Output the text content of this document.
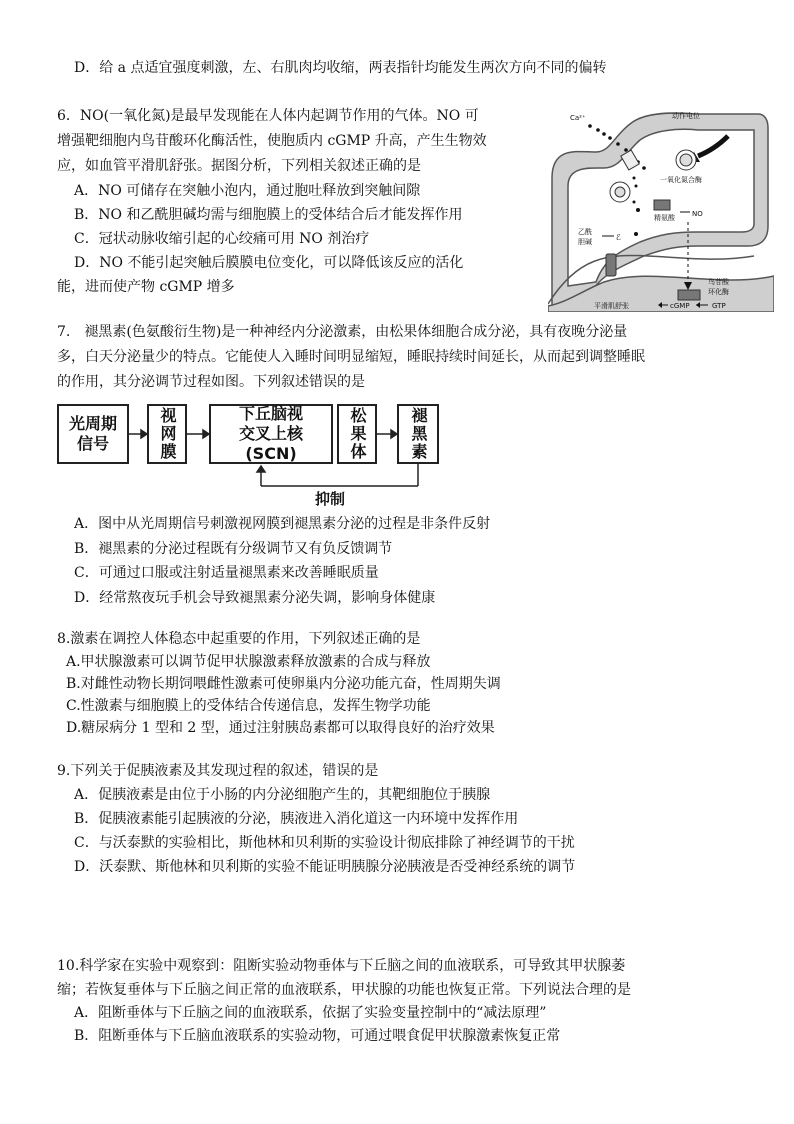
D．给 a 点适宜强度刺激，左、右肌肉均收缩，两表指针均能发生两次方向不同的偏转
6．NO(一氧化氮)是最早发现能在人体内起调节作用的气体。NO 可
增强靶细胞内鸟苷酸环化酶活性，使胞质内 cGMP 升高，产生生物效
应，如血管平滑肌舒张。据图分析，下列相关叙述正确的是
A．NO 可储存在突触小泡内，通过胞吐释放到突触间隙
B．NO 和乙酰胆碱均需与细胞膜上的受体结合后才能发挥作用
C．冠状动脉收缩引起的心绞痛可用 NO 剂治疗
D．NO 不能引起突触后膜膜电位变化，可以降低该反应的活化
能，进而使产物 cGMP 增多
Ca²⁺	动作电位
一氧化氮合酶
精氨酸 NO
乙酰
胆碱	ℰ
鸟苷酸
环化酶
平滑肌舒张	cGMP	GTP
7.　褪黑素(色氨酸衍生物)是一种神经内分泌激素，由松果体细胞合成分泌，具有夜晚分泌量
多，白天分泌量少的特点。它能使人入睡时间明显缩短，睡眠持续时间延长，从而起到调整睡眠
的作用，其分泌调节过程如图。下列叙述错误的是
光周期信号	视网膜	下丘脑视
交叉上核
(SCN)	松果体	褪黑素
抑制
A．图中从光周期信号刺激视网膜到褪黑素分泌的过程是非条件反射
B．褪黑素的分泌过程既有分级调节又有负反馈调节
C．可通过口服或注射适量褪黑素来改善睡眠质量
D．经常熬夜玩手机会导致褪黑素分泌失调，影响身体健康
8.激素在调控人体稳态中起重要的作用，下列叙述正确的是
A.甲状腺激素可以调节促甲状腺激素释放激素的合成与释放
B.对雌性动物长期饲喂雌性激素可使卵巢内分泌功能亢奋，性周期失调
C.性激素与细胞膜上的受体结合传递信息，发挥生物学功能
D.糖尿病分 1 型和 2 型，通过注射胰岛素都可以取得良好的治疗效果
9.下列关于促胰液素及其发现过程的叙述，错误的是
A．促胰液素是由位于小肠的内分泌细胞产生的，其靶细胞位于胰腺
B．促胰液素能引起胰液的分泌，胰液进入消化道这一内环境中发挥作用
C．与沃泰默的实验相比，斯他林和贝利斯的实验设计彻底排除了神经调节的干扰
D．沃泰默、斯他林和贝利斯的实验不能证明胰腺分泌胰液是否受神经系统的调节
10.科学家在实验中观察到：阻断实验动物垂体与下丘脑之间的血液联系，可导致其甲状腺萎
缩；若恢复垂体与下丘脑之间正常的血液联系，甲状腺的功能也恢复正常。下列说法合理的是
A．阻断垂体与下丘脑之间的血液联系，依据了实验变量控制中的“减法原理”
B．阻断垂体与下丘脑血液联系的实验动物，可通过喂食促甲状腺激素恢复正常
